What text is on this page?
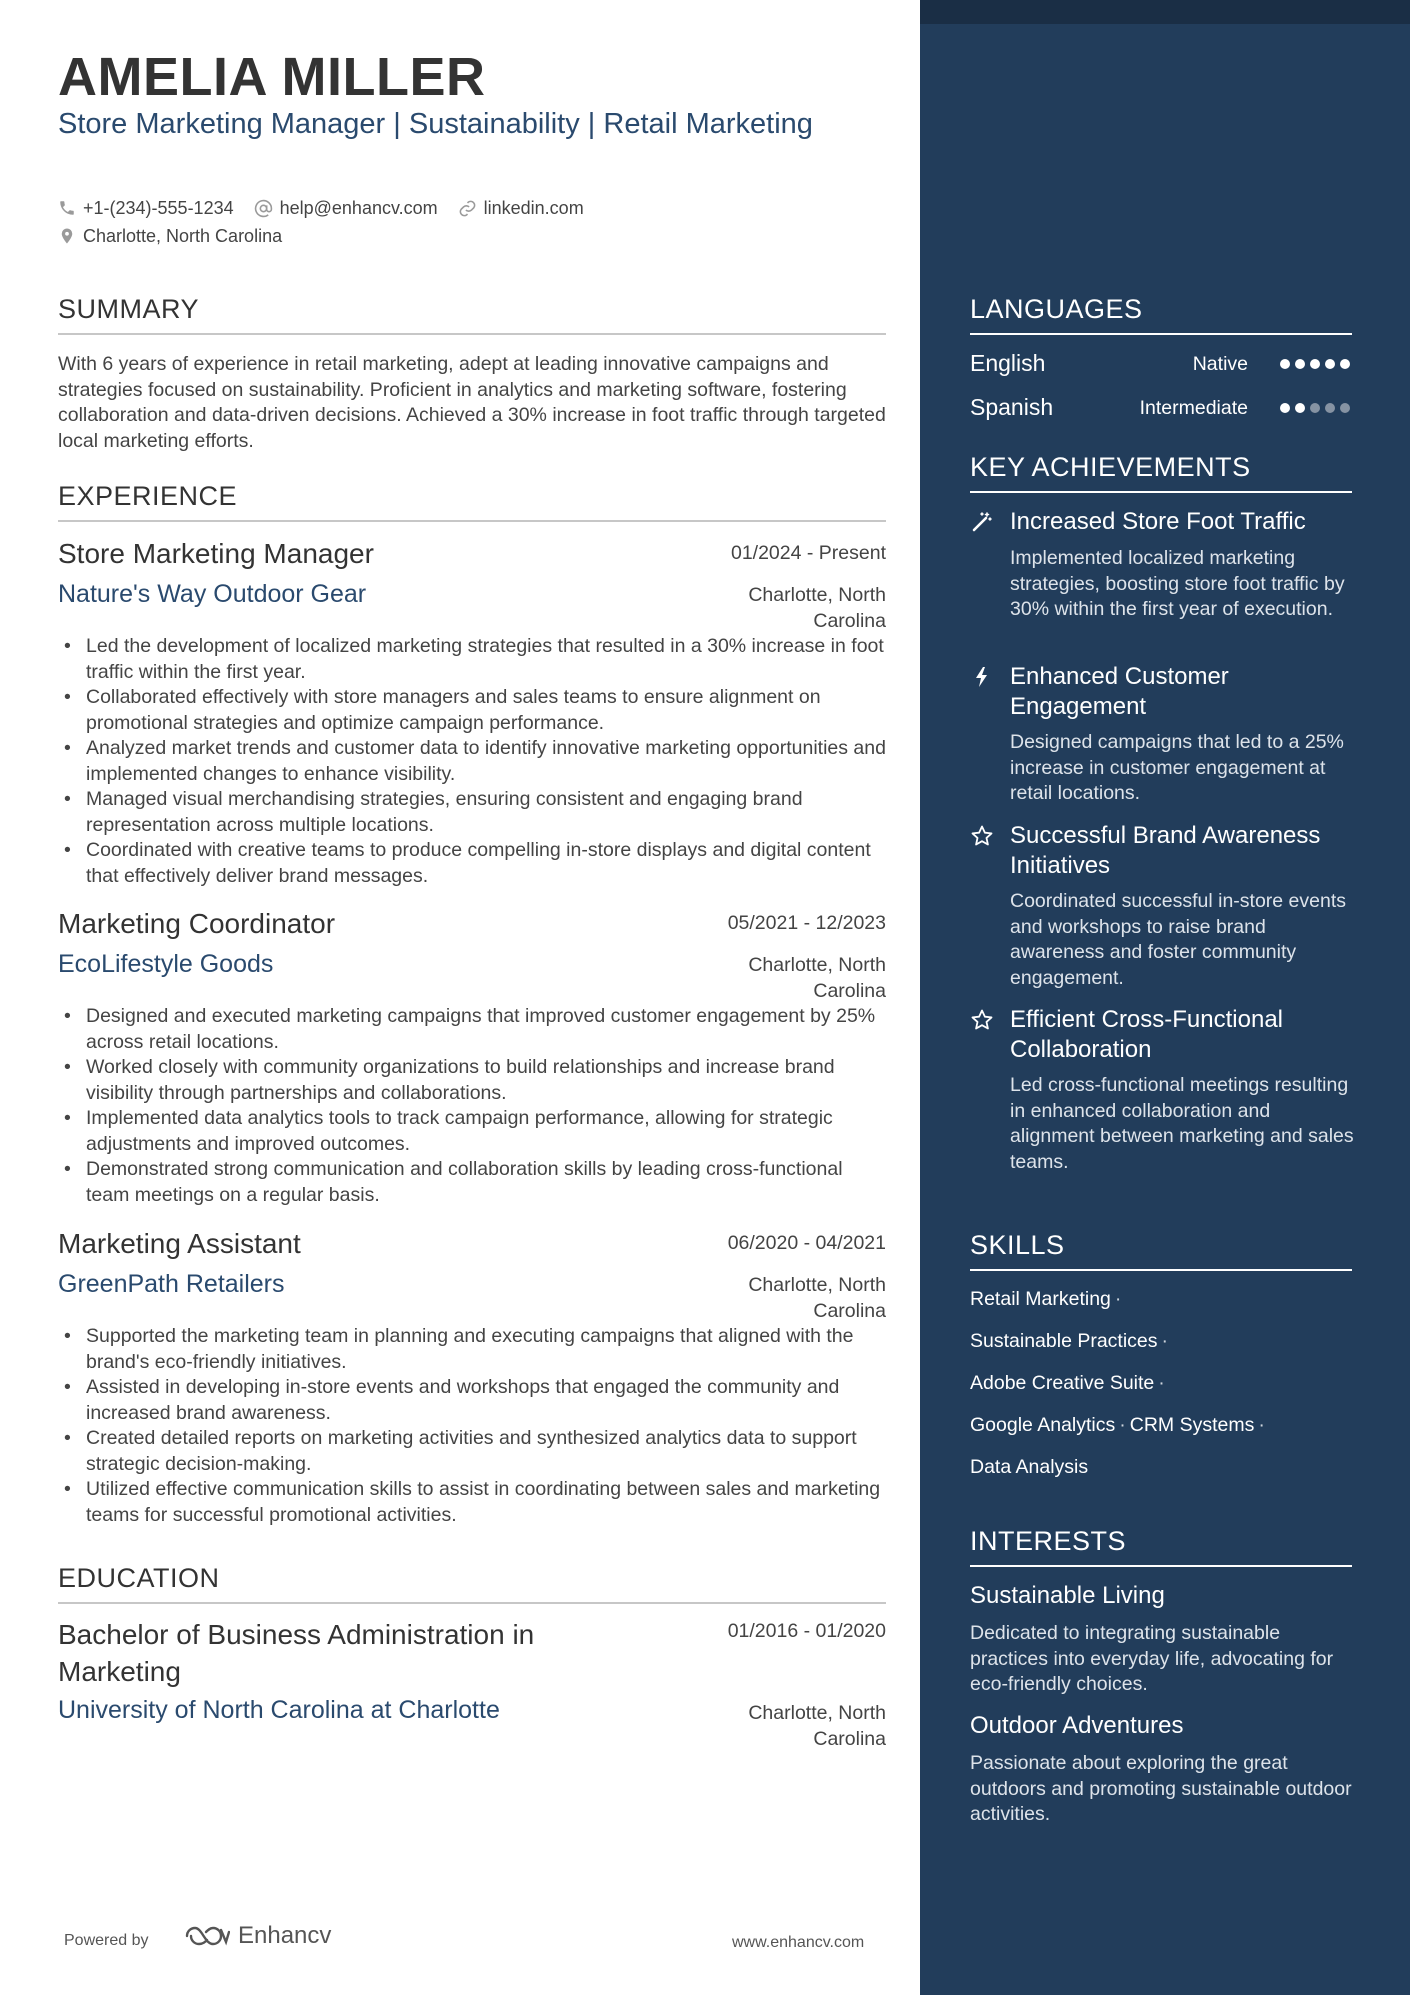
AMELIA MILLER
Store Marketing Manager | Sustainability | Retail Marketing
+1-(234)-555-1234	help@enhancv.com	linkedin.com
Charlotte, North Carolina
SUMMARY
With 6 years of experience in retail marketing, adept at leading innovative campaigns and strategies focused on sustainability. Proficient in analytics and marketing software, fostering collaboration and data-driven decisions. Achieved a 30% increase in foot traffic through targeted local marketing efforts.
EXPERIENCE
Store Marketing Manager	01/2024 - Present
Nature's Way Outdoor Gear	Charlotte, North Carolina
• Led the development of localized marketing strategies that resulted in a 30% increase in foot traffic within the first year.
• Collaborated effectively with store managers and sales teams to ensure alignment on promotional strategies and optimize campaign performance.
• Analyzed market trends and customer data to identify innovative marketing opportunities and implemented changes to enhance visibility.
• Managed visual merchandising strategies, ensuring consistent and engaging brand representation across multiple locations.
• Coordinated with creative teams to produce compelling in-store displays and digital content that effectively deliver brand messages.
Marketing Coordinator	05/2021 - 12/2023
EcoLifestyle Goods	Charlotte, North Carolina
• Designed and executed marketing campaigns that improved customer engagement by 25% across retail locations.
• Worked closely with community organizations to build relationships and increase brand visibility through partnerships and collaborations.
• Implemented data analytics tools to track campaign performance, allowing for strategic adjustments and improved outcomes.
• Demonstrated strong communication and collaboration skills by leading cross-functional team meetings on a regular basis.
Marketing Assistant	06/2020 - 04/2021
GreenPath Retailers	Charlotte, North Carolina
• Supported the marketing team in planning and executing campaigns that aligned with the brand's eco-friendly initiatives.
• Assisted in developing in-store events and workshops that engaged the community and increased brand awareness.
• Created detailed reports on marketing activities and synthesized analytics data to support strategic decision-making.
• Utilized effective communication skills to assist in coordinating between sales and marketing teams for successful promotional activities.
EDUCATION
Bachelor of Business Administration in Marketing
01/2016 - 01/2020
University of North Carolina at Charlotte	Charlotte, North Carolina
Powered by	Enhancv	www.enhancv.com
LANGUAGES
English	Native
Spanish	Intermediate
KEY ACHIEVEMENTS
Increased Store Foot Traffic
Implemented localized marketing strategies, boosting store foot traffic by 30% within the first year of execution.
Enhanced Customer Engagement
Designed campaigns that led to a 25% increase in customer engagement at retail locations.
Successful Brand Awareness Initiatives
Coordinated successful in-store events and workshops to raise brand awareness and foster community engagement.
Efficient Cross-Functional Collaboration
Led cross-functional meetings resulting in enhanced collaboration and alignment between marketing and sales teams.
SKILLS
Retail Marketing ·
Sustainable Practices ·
Adobe Creative Suite ·
Google Analytics · CRM Systems ·
Data Analysis
INTERESTS
Sustainable Living
Dedicated to integrating sustainable practices into everyday life, advocating for eco-friendly choices.
Outdoor Adventures
Passionate about exploring the great outdoors and promoting sustainable outdoor activities.
